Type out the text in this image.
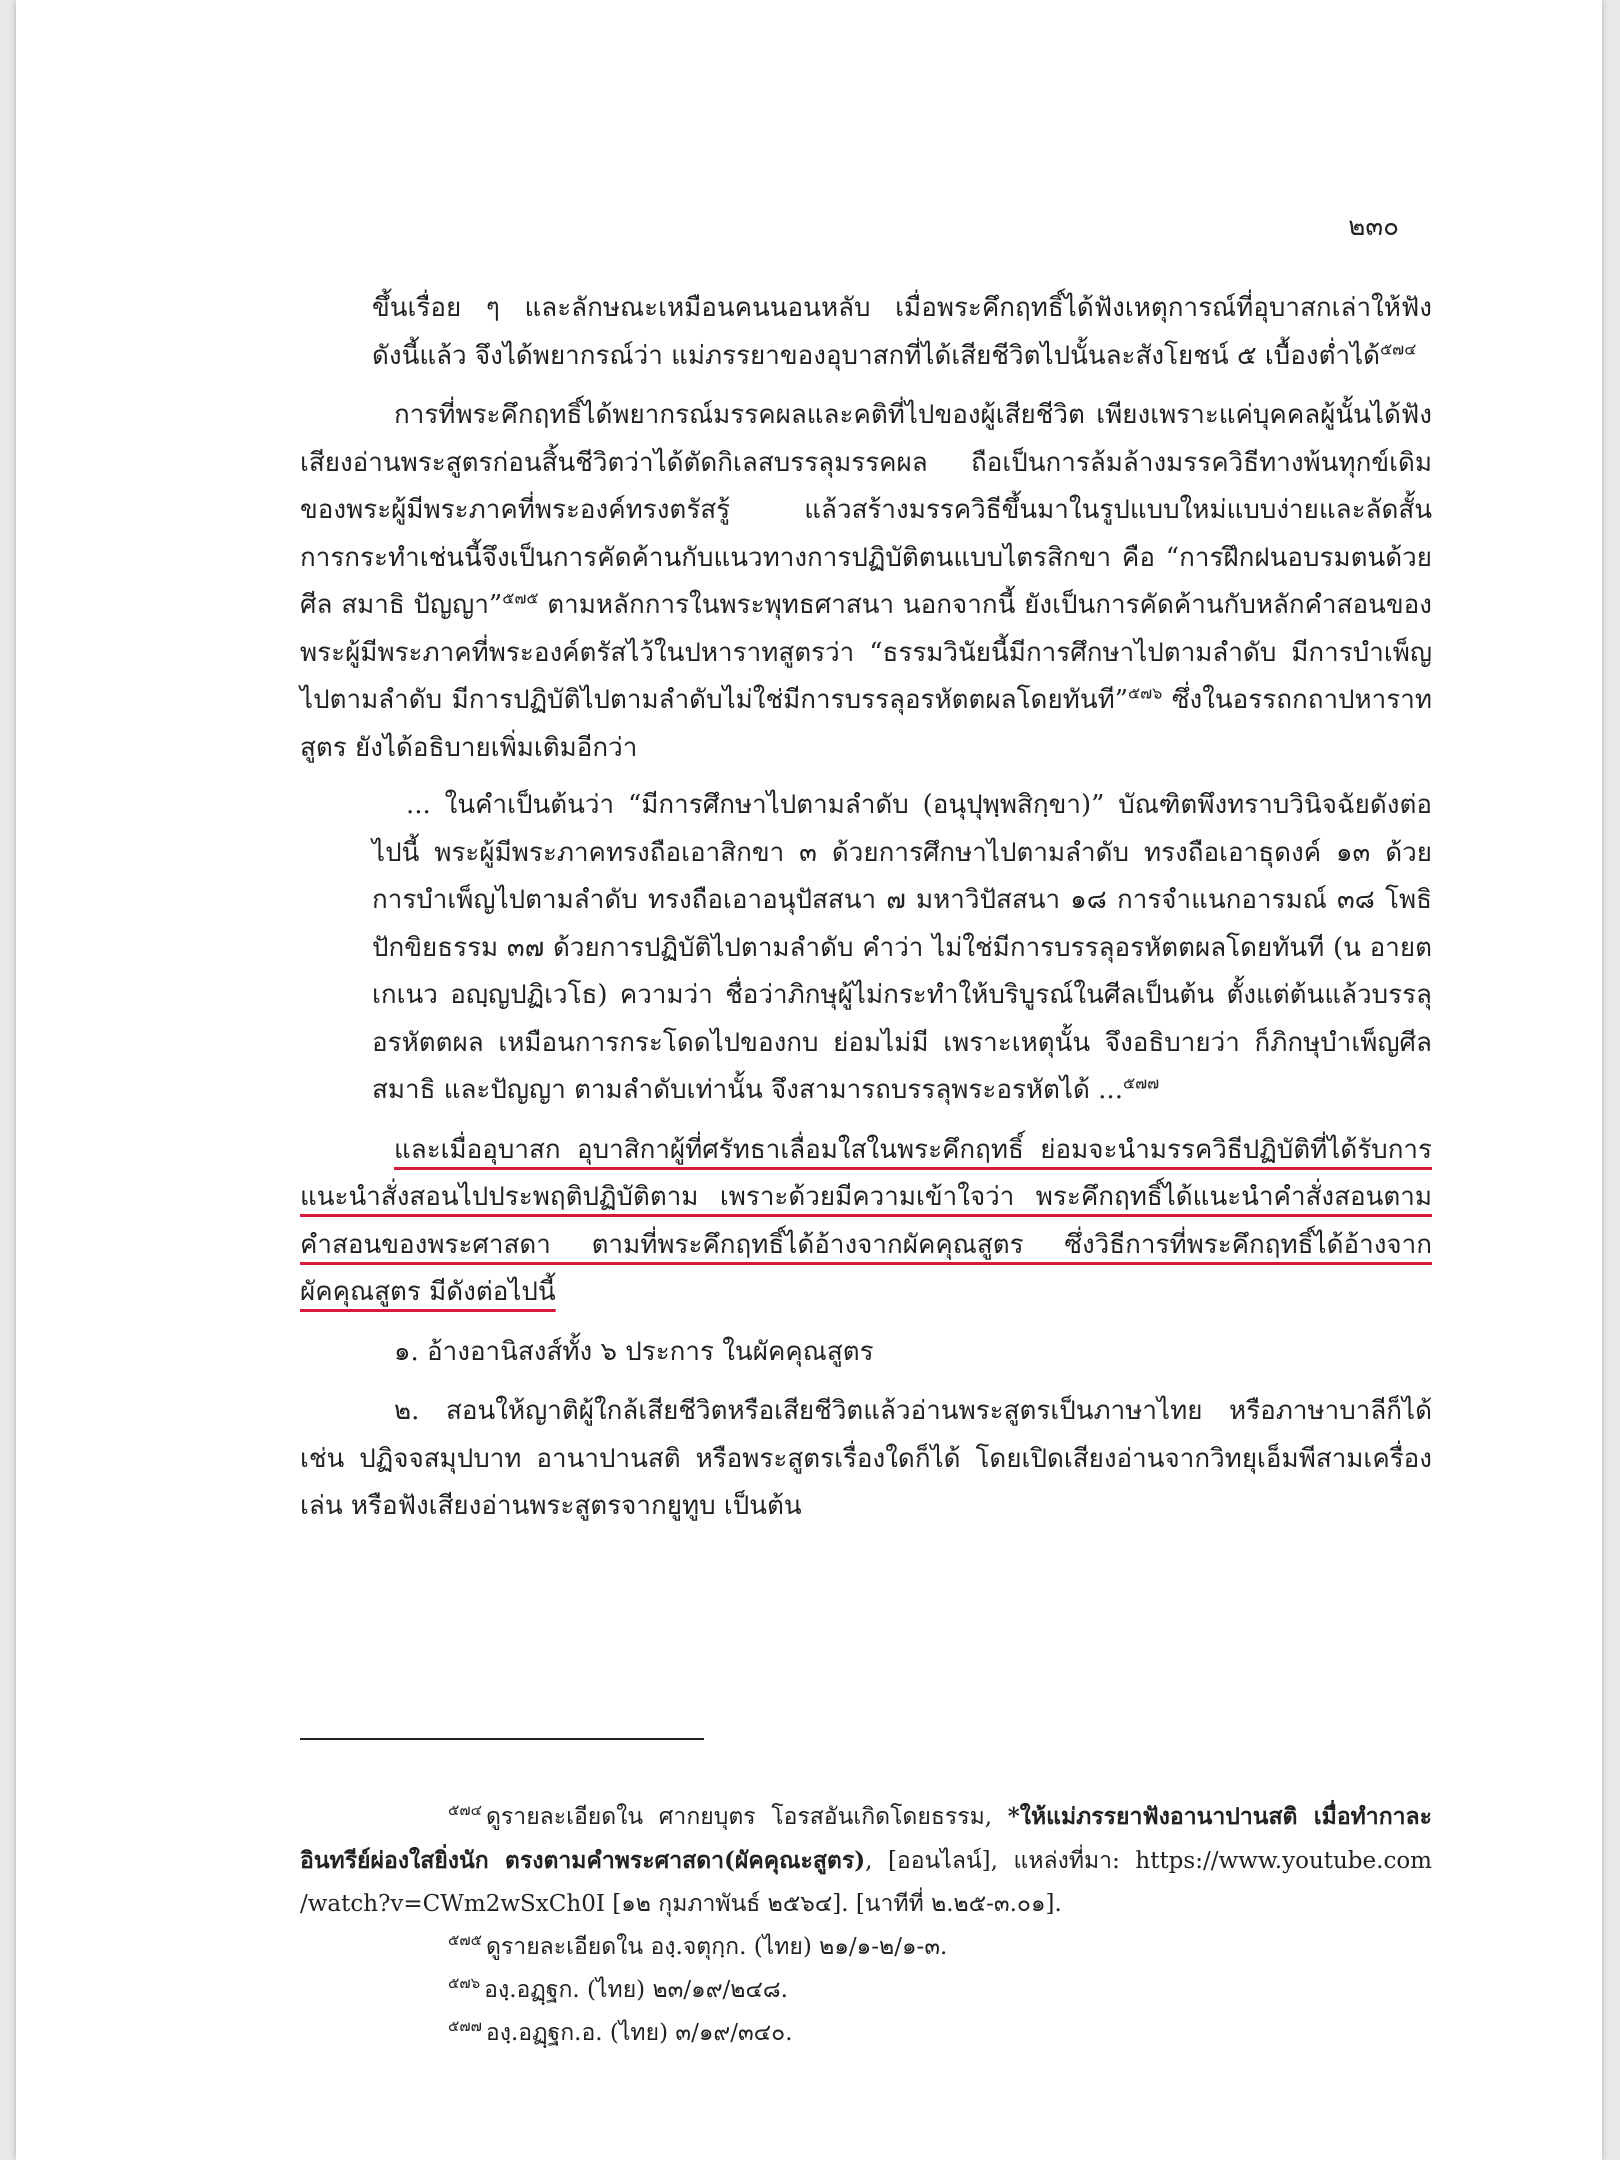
๒๓๐

ขึ้นเรื่อย ๆ และลักษณะเหมือนคนนอนหลับ เมื่อพระคึกฤทธิ์ได้ฟังเหตุการณ์ที่อุบาสกเล่าให้ฟัง ดังนี้แล้ว จึงได้พยากรณ์ว่า แม่ภรรยาของอุบาสกที่ได้เสียชีวิตไปนั้นละสังโยชน์ ๕ เบื้องต่ำได้$^{๕๗๔}$

การที่พระคึกฤทธิ์ได้พยากรณ์มรรคผลและคติที่ไปของผู้เสียชีวิต เพียงเพราะแค่บุคคลผู้นั้นได้ฟังเสียงอ่านพระสูตรก่อนสิ้นชีวิตว่าได้ตัดกิเลสบรรลุมรรคผล ถือเป็นการล้มล้างมรรควิธีทางพ้นทุกข์เดิมของพระผู้มีพระภาคที่พระองค์ทรงตรัสรู้ แล้วสร้างมรรควิธีขึ้นมาในรูปแบบใหม่แบบง่ายและลัดสั้น การกระทำเช่นนี้จึงเป็นการคัดค้านกับแนวทางการปฏิบัติตนแบบไตรสิกขา คือ “การฝึกฝนอบรมตนด้วยศีล สมาธิ ปัญญา”$^{๕๗๕}$ ตามหลักการในพระพุทธศาสนา นอกจากนี้ ยังเป็นการคัดค้านกับหลักคำสอนของพระผู้มีพระภาคที่พระองค์ตรัสไว้ในปหาราทสูตรว่า “ธรรมวินัยนี้มีการศึกษาไปตามลำดับ มีการบำเพ็ญไปตามลำดับ มีการปฏิบัติไปตามลำดับไม่ใช่มีการบรรลุอรหัตตผลโดยทันที”$^{๕๗๖}$ ซึ่งในอรรถกถาปหาราทสูตร ยังได้อธิบายเพิ่มเติมอีกว่า

... ในคำเป็นต้นว่า “มีการศึกษาไปตามลำดับ (อนุปุพฺพสิกฺขา)” บัณฑิตพึงทราบวินิจฉัยดังต่อไปนี้ พระผู้มีพระภาคทรงถือเอาสิกขา ๓ ด้วยการศึกษาไปตามลำดับ ทรงถือเอาธุดงค์ ๑๓ ด้วยการบำเพ็ญไปตามลำดับ ทรงถือเอาอนุปัสสนา ๗ มหาวิปัสสนา ๑๘ การจำแนกอารมณ์ ๓๘ โพธิปักขิยธรรม ๓๗ ด้วยการปฏิบัติไปตามลำดับ คำว่า ไม่ใช่มีการบรรลุอรหัตตผลโดยทันที (น อายตเกเนว อญฺญปฏิเวโธ) ความว่า ชื่อว่าภิกษุผู้ไม่กระทำให้บริบูรณ์ในศีลเป็นต้น ตั้งแต่ต้นแล้วบรรลุอรหัตตผล เหมือนการกระโดดไปของกบ ย่อมไม่มี เพราะเหตุนั้น จึงอธิบายว่า ก็ภิกษุบำเพ็ญศีล สมาธิ และปัญญา ตามลำดับเท่านั้น จึงสามารถบรรลุพระอรหัตได้ ...$^{๕๗๗}$

และเมื่ออุบาสก อุบาสิกาผู้ที่ศรัทธาเลื่อมใสในพระคึกฤทธิ์ ย่อมจะนำมรรควิธีปฏิบัติที่ได้รับการแนะนำสั่งสอนไปประพฤติปฏิบัติตาม เพราะด้วยมีความเข้าใจว่า พระคึกฤทธิ์ได้แนะนำคำสั่งสอนตามคำสอนของพระศาสดา ตามที่พระคึกฤทธิ์ได้อ้างจากผัคคุณสูตร ซึ่งวิธีการที่พระคึกฤทธิ์ได้อ้างจากผัคคุณสูตร มีดังต่อไปนี้

๑. อ้างอานิสงส์ทั้ง ๖ ประการ ในผัคคุณสูตร

๒. สอนให้ญาติผู้ใกล้เสียชีวิตหรือเสียชีวิตแล้วอ่านพระสูตรเป็นภาษาไทย หรือภาษาบาลีก็ได้ เช่น ปฏิจจสมุปบาท อานาปานสติ หรือพระสูตรเรื่องใดก็ได้ โดยเปิดเสียงอ่านจากวิทยุเอ็มพีสามเครื่องเล่น หรือฟังเสียงอ่านพระสูตรจากยูทูบ เป็นต้น

$^{๕๗๔}$ ดูรายละเอียดใน ศากยบุตร โอรสอันเกิดโดยธรรม, *ให้แม่ภรรยาฟังอานาปานสติ เมื่อทำกาละอินทรีย์ผ่องใสยิ่งนัก ตรงตามคำพระศาสดา(ผัคคุณะสูตร), [ออนไลน์], แหล่งที่มา: https://www.youtube.com /watch?v=CWm2wSxCh0I [๑๒ กุมภาพันธ์ ๒๕๖๔]. [นาทีที่ ๒.๒๕-๓.๐๑].

$^{๕๗๕}$ ดูรายละเอียดใน องฺ.จตุกฺก. (ไทย) ๒๑/๑-๒/๑-๓.

$^{๕๗๖}$ องฺ.อฏฺฐก. (ไทย) ๒๓/๑๙/๒๔๘.

$^{๕๗๗}$ องฺ.อฏฺฐก.อ. (ไทย) ๓/๑๙/๓๔๐.
